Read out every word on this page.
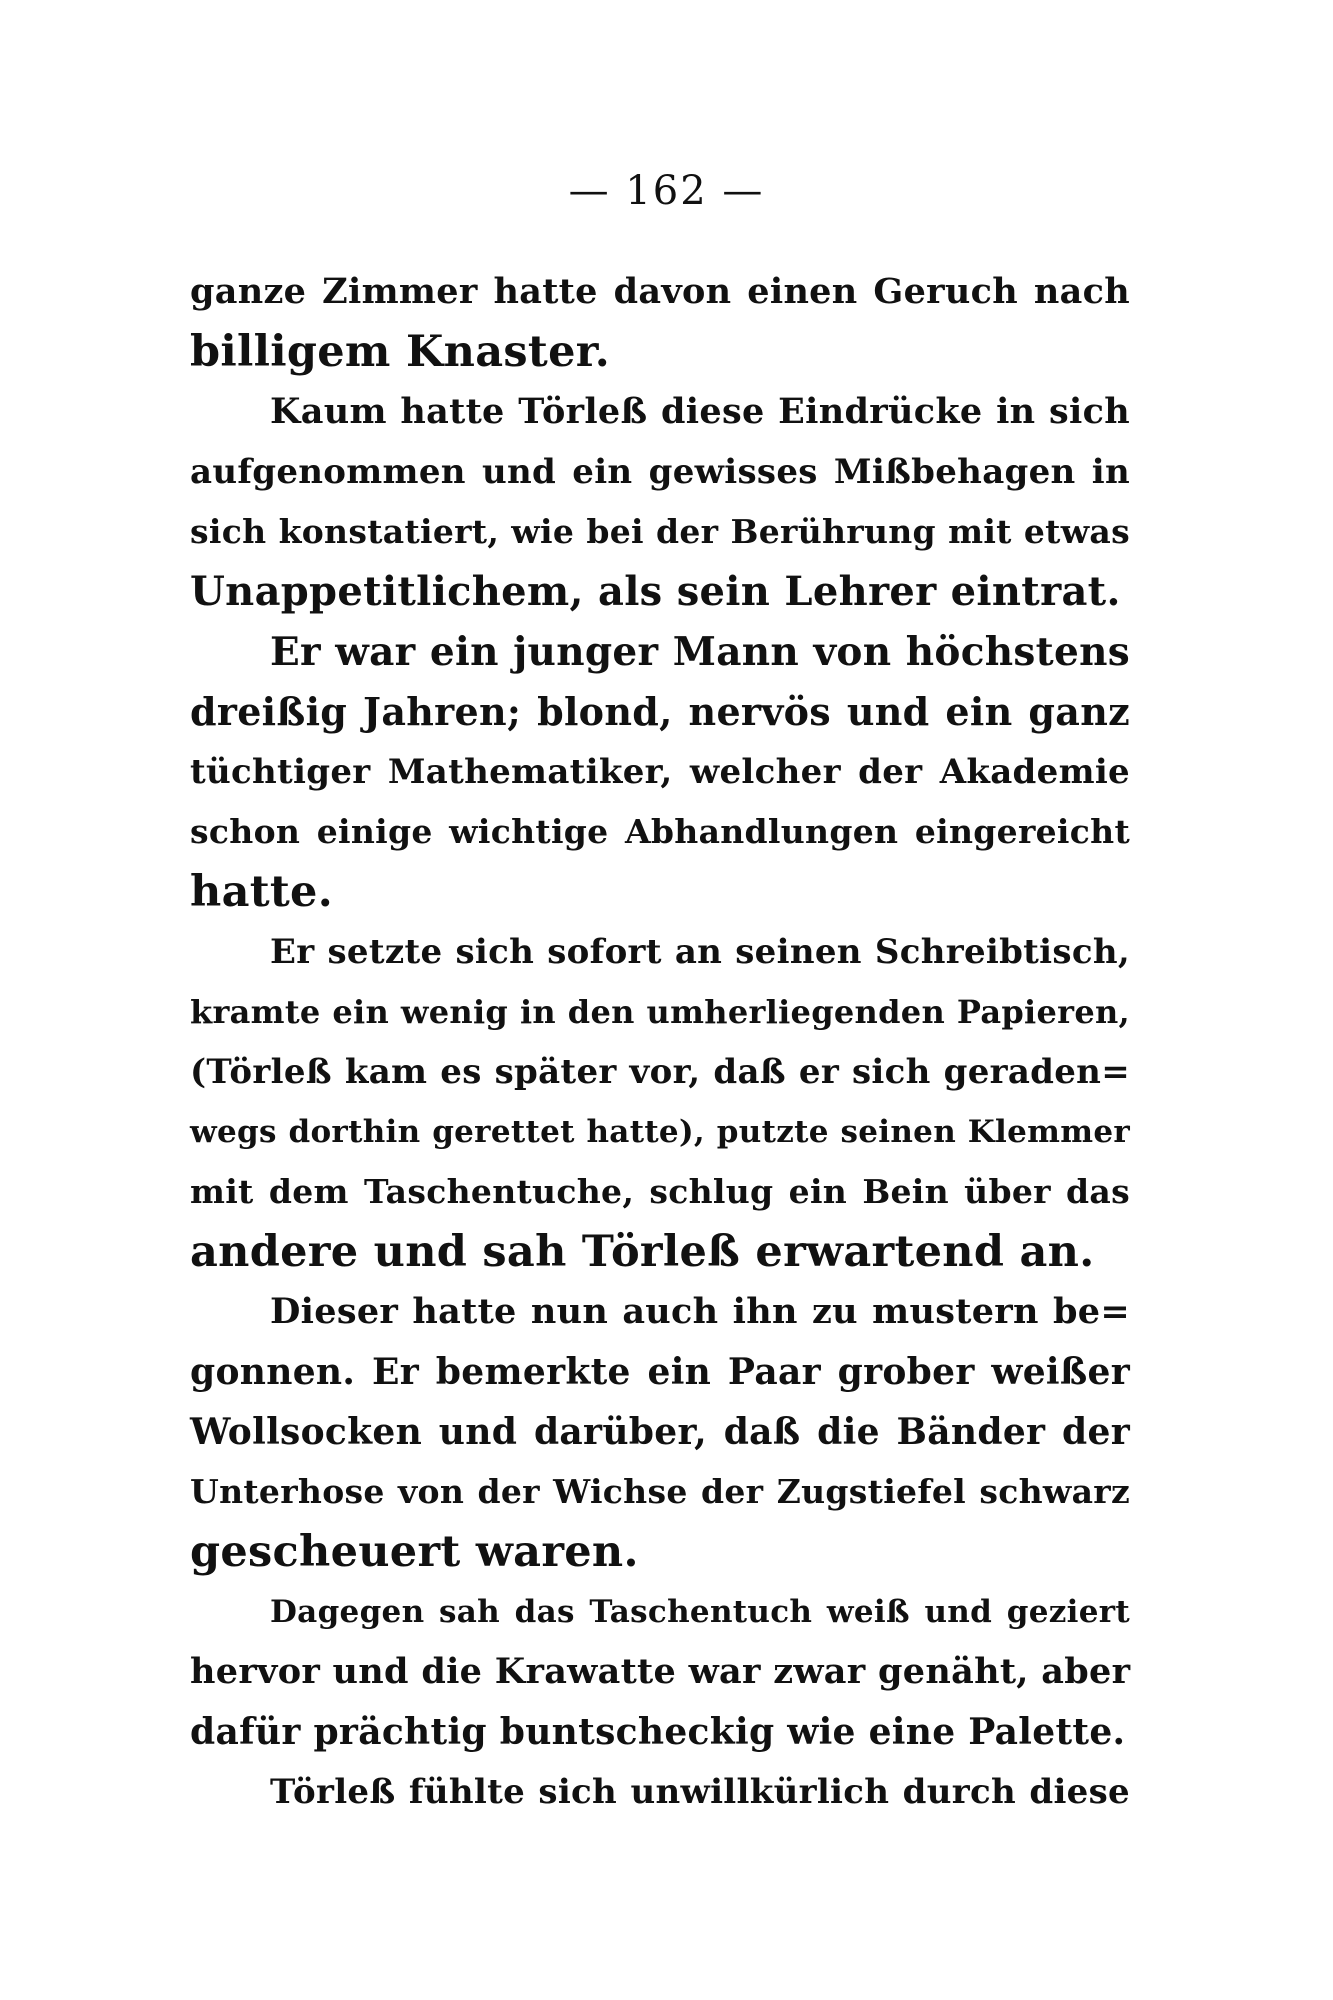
— 162 —
ganze Zimmer hatte davon einen Geruch nach
billigem Knaster.
Kaum hatte Törleß diese Eindrücke in sich
aufgenommen und ein gewisses Mißbehagen in
sich konstatiert, wie bei der Berührung mit etwas
Unappetitlichem, als sein Lehrer eintrat.
Er war ein junger Mann von höchstens
dreißig Jahren; blond, nervös und ein ganz
tüchtiger Mathematiker, welcher der Akademie
schon einige wichtige Abhandlungen eingereicht
hatte.
Er setzte sich sofort an seinen Schreibtisch,
kramte ein wenig in den umherliegenden Papieren,
(Törleß kam es später vor, daß er sich geraden=
wegs dorthin gerettet hatte), putzte seinen Klemmer
mit dem Taschentuche, schlug ein Bein über das
andere und sah Törleß erwartend an.
Dieser hatte nun auch ihn zu mustern be=
gonnen. Er bemerkte ein Paar grober weißer
Wollsocken und darüber, daß die Bänder der
Unterhose von der Wichse der Zugstiefel schwarz
gescheuert waren.
Dagegen sah das Taschentuch weiß und geziert
hervor und die Krawatte war zwar genäht, aber
dafür prächtig buntscheckig wie eine Palette.
Törleß fühlte sich unwillkürlich durch diese
